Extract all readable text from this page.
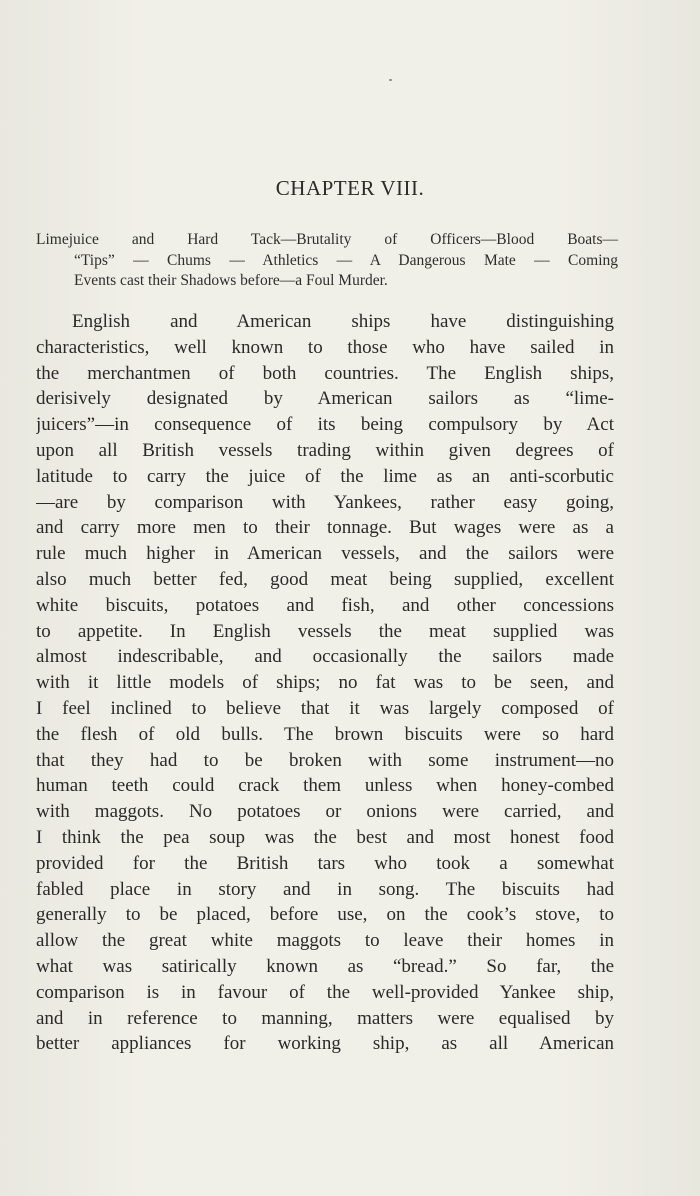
CHAPTER VIII.
Limejuice and Hard Tack—Brutality of Officers—Blood Boats—
“Tips” — Chums — Athletics — A Dangerous Mate — Coming
Events cast their Shadows before—a Foul Murder.
English and American ships have distinguishing
characteristics, well known to those who have sailed in
the merchantmen of both countries. The English ships,
derisively designated by American sailors as “lime-
juicers”—in consequence of its being compulsory by Act
upon all British vessels trading within given degrees of
latitude to carry the juice of the lime as an anti-scorbutic
—are by comparison with Yankees, rather easy going,
and carry more men to their tonnage. But wages were as a
rule much higher in American vessels, and the sailors were
also much better fed, good meat being supplied, excellent
white biscuits, potatoes and fish, and other concessions
to appetite. In English vessels the meat supplied was
almost indescribable, and occasionally the sailors made
with it little models of ships; no fat was to be seen, and
I feel inclined to believe that it was largely composed of
the flesh of old bulls. The brown biscuits were so hard
that they had to be broken with some instrument—no
human teeth could crack them unless when honey-combed
with maggots. No potatoes or onions were carried, and
I think the pea soup was the best and most honest food
provided for the British tars who took a somewhat
fabled place in story and in song. The biscuits had
generally to be placed, before use, on the cook’s stove, to
allow the great white maggots to leave their homes in
what was satirically known as “bread.” So far, the
comparison is in favour of the well-provided Yankee ship,
and in reference to manning, matters were equalised by
better appliances for working ship, as all American
